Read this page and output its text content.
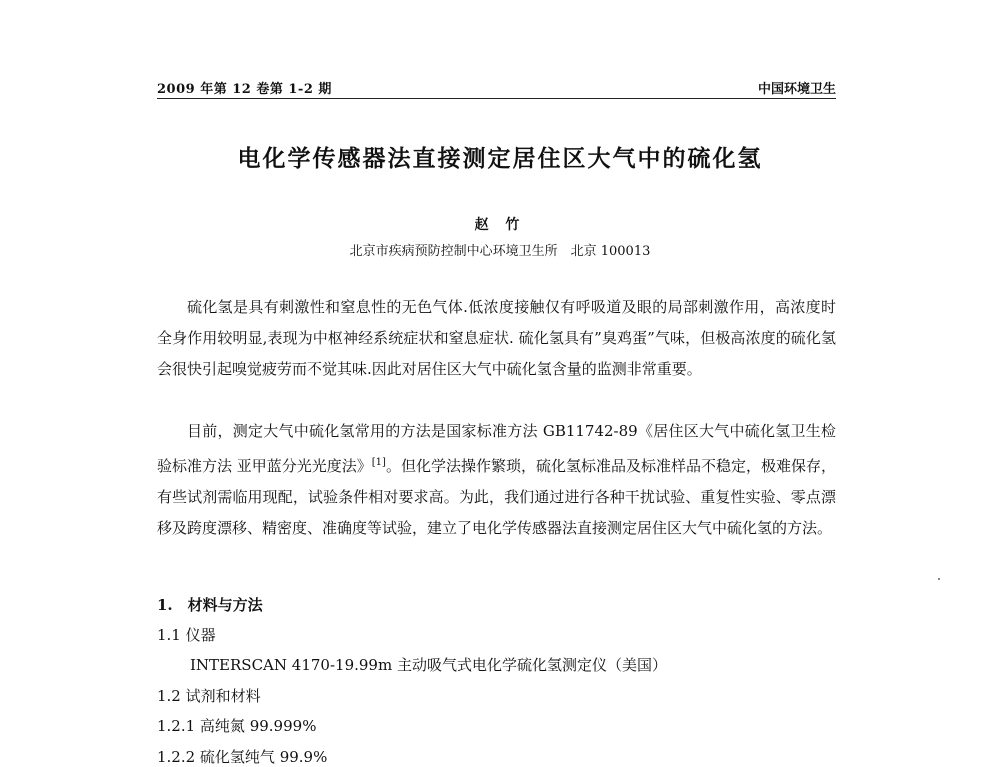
2009 年第 12 卷第 1-2 期	中国环境卫生
电化学传感器法直接测定居住区大气中的硫化氢
赵 竹
北京市疾病预防控制中心环境卫生所　北京 100013

硫化氢是具有刺激性和窒息性的无色气体.低浓度接触仅有呼吸道及眼的局部刺激作用，高浓度时全身作用较明显,表现为中枢神经系统症状和窒息症状. 硫化氢具有”臭鸡蛋”气味，但极高浓度的硫化氢会很快引起嗅觉疲劳而不觉其味.因此对居住区大气中硫化氢含量的监测非常重要。

目前，测定大气中硫化氢常用的方法是国家标准方法 GB11742-89《居住区大气中硫化氢卫生检验标准方法 亚甲蓝分光光度法》[1]。但化学法操作繁琐，硫化氢标准品及标准样品不稳定，极难保存，有些试剂需临用现配，试验条件相对要求高。为此，我们通过进行各种干扰试验、重复性实验、零点漂移及跨度漂移、精密度、准确度等试验，建立了电化学传感器法直接测定居住区大气中硫化氢的方法。

1.　材料与方法
1.1 仪器
INTERSCAN 4170-19.99m 主动吸气式电化学硫化氢测定仪（美国）
1.2 试剂和材料
1.2.1 高纯氮 99.999%
1.2.2 硫化氢纯气 99.9%
